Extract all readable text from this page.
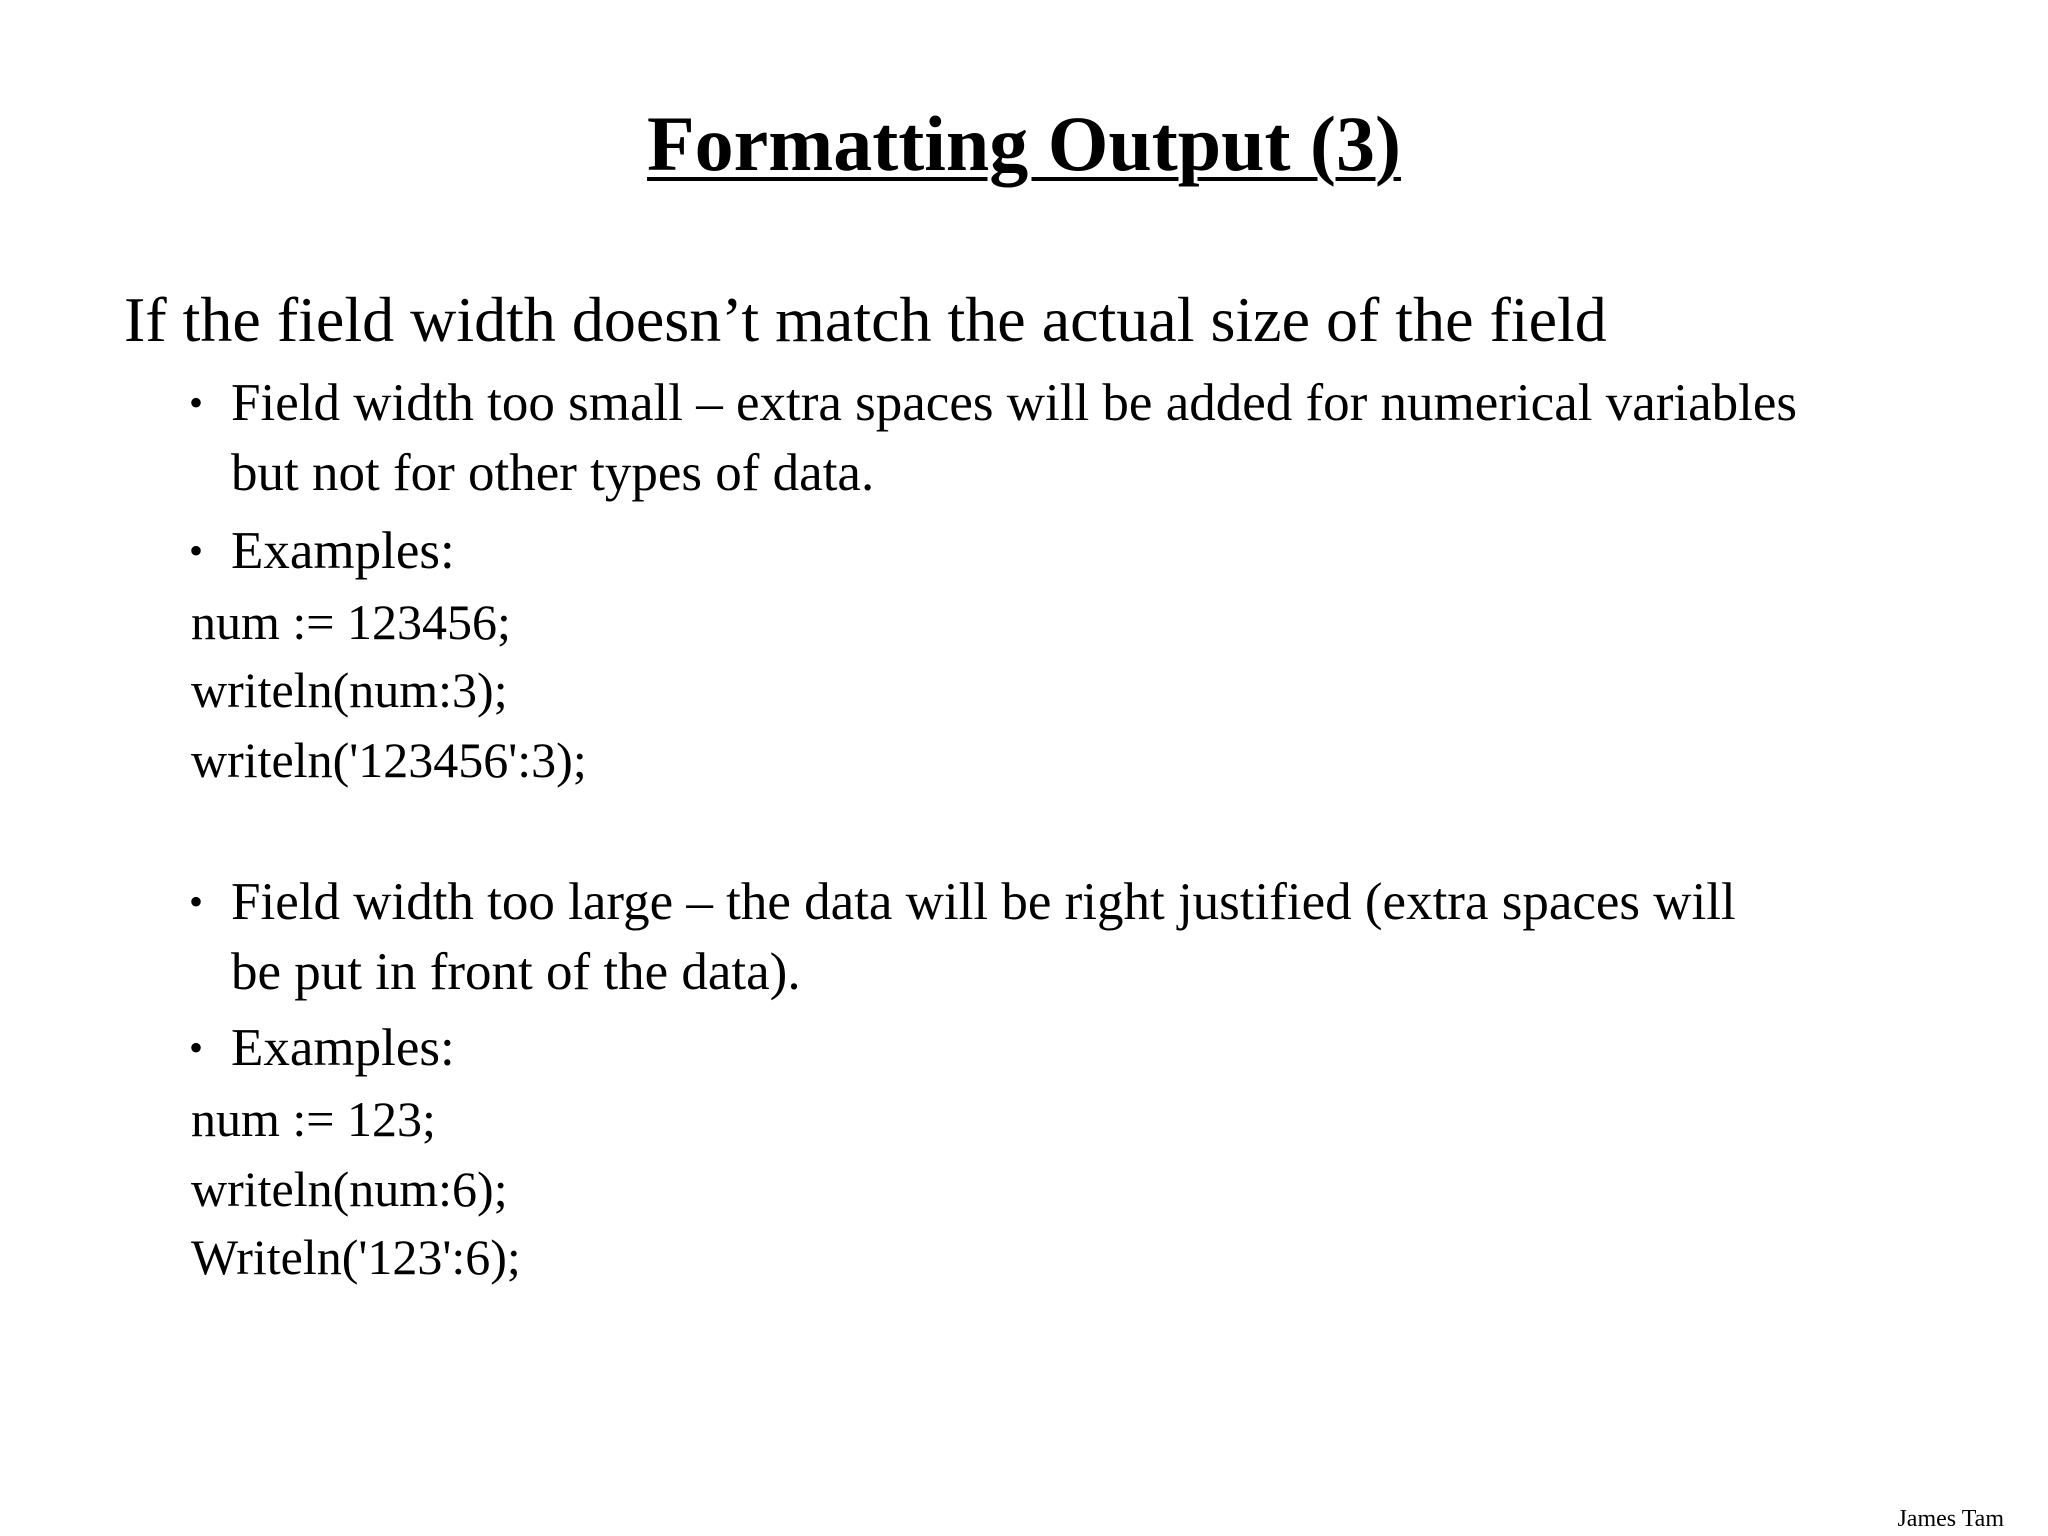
Formatting Output (3)
If the field width doesn’t match the actual size of the field
• Field width too small – extra spaces will be added for numerical variables
but not for other types of data.
• Examples:
num := 123456;
writeln(num:3);
writeln('123456':3);
• Field width too large – the data will be right justified (extra spaces will
be put in front of the data).
• Examples:
num := 123;
writeln(num:6);
Writeln('123':6);
James Tam
